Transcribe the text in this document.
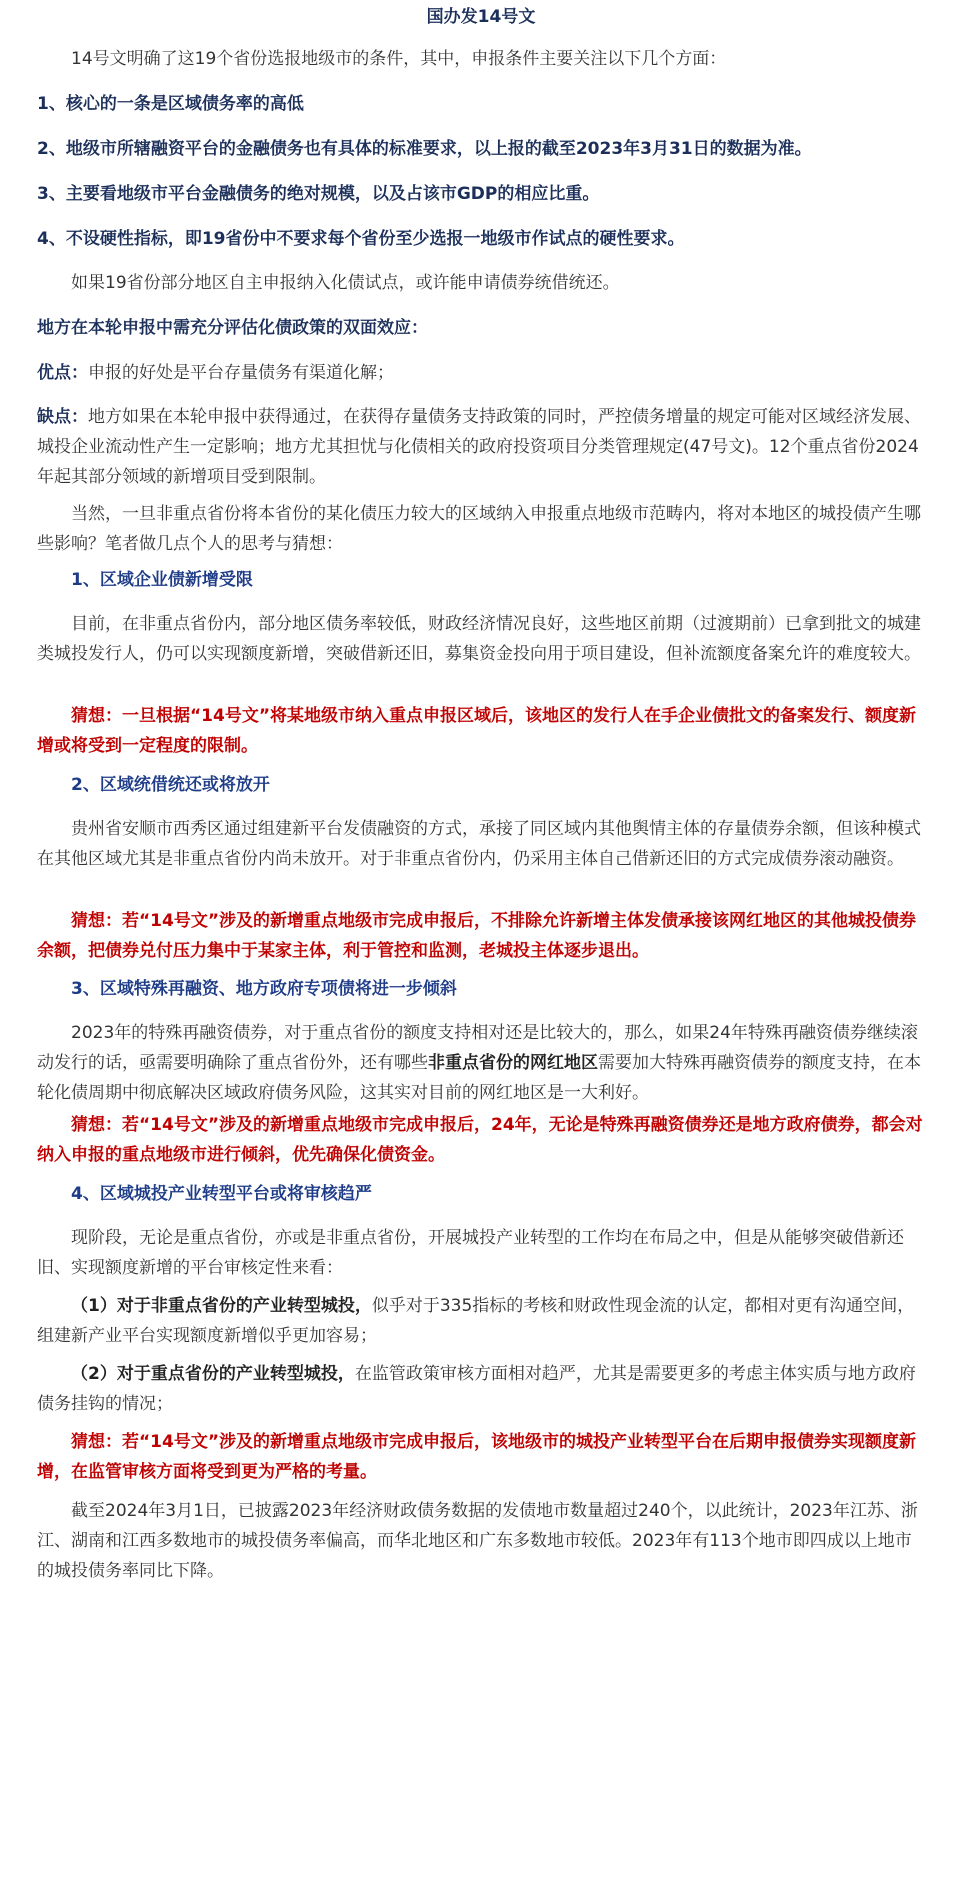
国办发14号文

14号文明确了这19个省份选报地级市的条件，其中，申报条件主要关注以下几个方面：

1、核心的一条是区域债务率的高低

2、地级市所辖融资平台的金融债务也有具体的标准要求，以上报的截至2023年3月31日的数据为准。

3、主要看地级市平台金融债务的绝对规模，以及占该市GDP的相应比重。

4、不设硬性指标，即19省份中不要求每个省份至少选报一地级市作试点的硬性要求。

如果19省份部分地区自主申报纳入化债试点，或许能申请债券统借统还。

地方在本轮申报中需充分评估化债政策的双面效应：

优点：申报的好处是平台存量债务有渠道化解；

缺点：地方如果在本轮申报中获得通过，在获得存量债务支持政策的同时，严控债务增量的规定可能对区域经济发展、城投企业流动性产生一定影响；地方尤其担忧与化债相关的政府投资项目分类管理规定(47号文)。12个重点省份2024年起其部分领域的新增项目受到限制。

当然，一旦非重点省份将本省份的某化债压力较大的区域纳入申报重点地级市范畴内，将对本地区的城投债产生哪些影响？笔者做几点个人的思考与猜想：

1、区域企业债新增受限

目前，在非重点省份内，部分地区债务率较低，财政经济情况良好，这些地区前期（过渡期前）已拿到批文的城建类城投发行人，仍可以实现额度新增，突破借新还旧，募集资金投向用于项目建设，但补流额度备案允许的难度较大。

猜想：一旦根据“14号文”将某地级市纳入重点申报区域后，该地区的发行人在手企业债批文的备案发行、额度新增或将受到一定程度的限制。

2、区域统借统还或将放开

贵州省安顺市西秀区通过组建新平台发债融资的方式，承接了同区域内其他舆情主体的存量债券余额，但该种模式在其他区域尤其是非重点省份内尚未放开。对于非重点省份内，仍采用主体自己借新还旧的方式完成债券滚动融资。

猜想：若“14号文”涉及的新增重点地级市完成申报后，不排除允许新增主体发债承接该网红地区的其他城投债券余额，把债券兑付压力集中于某家主体，利于管控和监测，老城投主体逐步退出。

3、区域特殊再融资、地方政府专项债将进一步倾斜

2023年的特殊再融资债券，对于重点省份的额度支持相对还是比较大的，那么，如果24年特殊再融资债券继续滚动发行的话，亟需要明确除了重点省份外，还有哪些非重点省份的网红地区需要加大特殊再融资债券的额度支持，在本轮化债周期中彻底解决区域政府债务风险，这其实对目前的网红地区是一大利好。

猜想：若“14号文”涉及的新增重点地级市完成申报后，24年，无论是特殊再融资债券还是地方政府债券，都会对纳入申报的重点地级市进行倾斜，优先确保化债资金。

4、区域城投产业转型平台或将审核趋严

现阶段，无论是重点省份，亦或是非重点省份，开展城投产业转型的工作均在布局之中，但是从能够突破借新还旧、实现额度新增的平台审核定性来看：

（1）对于非重点省份的产业转型城投，似乎对于335指标的考核和财政性现金流的认定，都相对更有沟通空间，组建新产业平台实现额度新增似乎更加容易；

（2）对于重点省份的产业转型城投，在监管政策审核方面相对趋严，尤其是需要更多的考虑主体实质与地方政府债务挂钩的情况；

猜想：若“14号文”涉及的新增重点地级市完成申报后，该地级市的城投产业转型平台在后期申报债券实现额度新增，在监管审核方面将受到更为严格的考量。

截至2024年3月1日，已披露2023年经济财政债务数据的发债地市数量超过240个，以此统计，2023年江苏、浙江、湖南和江西多数地市的城投债务率偏高，而华北地区和广东多数地市较低。2023年有113个地市即四成以上地市的城投债务率同比下降。
